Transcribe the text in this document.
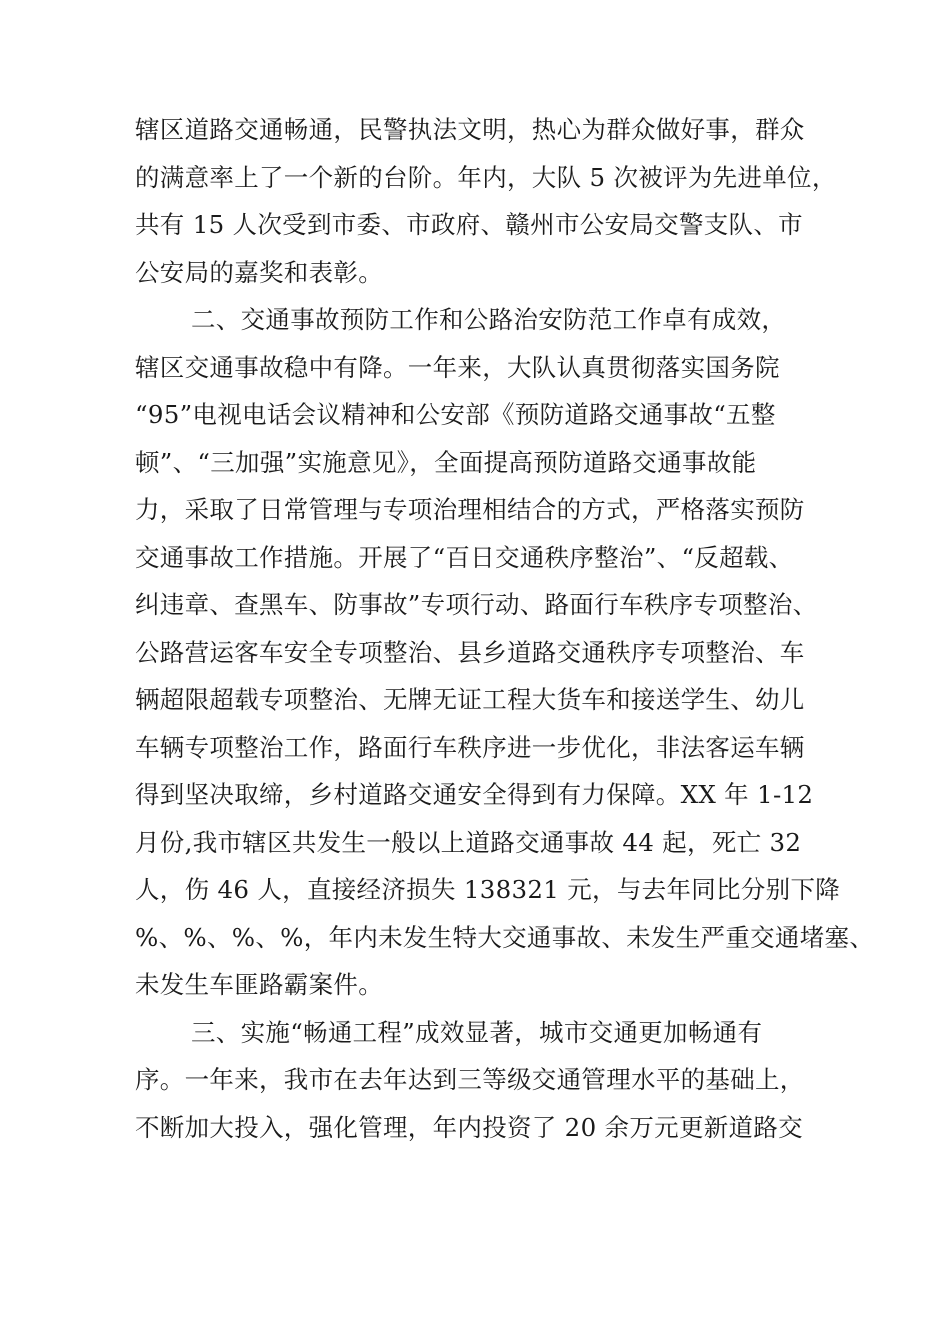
辖区道路交通畅通，民警执法文明，热心为群众做好事，群众
的满意率上了一个新的台阶。年内，大队 5 次被评为先进单位，
共有 15 人次受到市委、市政府、赣州市公安局交警支队、市
公安局的嘉奖和表彰。
二、交通事故预防工作和公路治安防范工作卓有成效，
辖区交通事故稳中有降。一年来，大队认真贯彻落实国务院
“95”电视电话会议精神和公安部《预防道路交通事故“五整
顿”、“三加强”实施意见》，全面提高预防道路交通事故能
力，采取了日常管理与专项治理相结合的方式，严格落实预防
交通事故工作措施。开展了“百日交通秩序整治”、“反超载、
纠违章、查黑车、防事故”专项行动、路面行车秩序专项整治、
公路营运客车安全专项整治、县乡道路交通秩序专项整治、车
辆超限超载专项整治、无牌无证工程大货车和接送学生、幼儿
车辆专项整治工作，路面行车秩序进一步优化，非法客运车辆
得到坚决取缔，乡村道路交通安全得到有力保障。XX 年 1-12
月份,我市辖区共发生一般以上道路交通事故 44 起，死亡 32
人，伤 46 人，直接经济损失 138321 元，与去年同比分别下降
%、%、%、%，年内未发生特大交通事故、未发生严重交通堵塞、
未发生车匪路霸案件。
三、实施“畅通工程”成效显著，城市交通更加畅通有
序。一年来，我市在去年达到三等级交通管理水平的基础上，
不断加大投入，强化管理，年内投资了 20 余万元更新道路交
